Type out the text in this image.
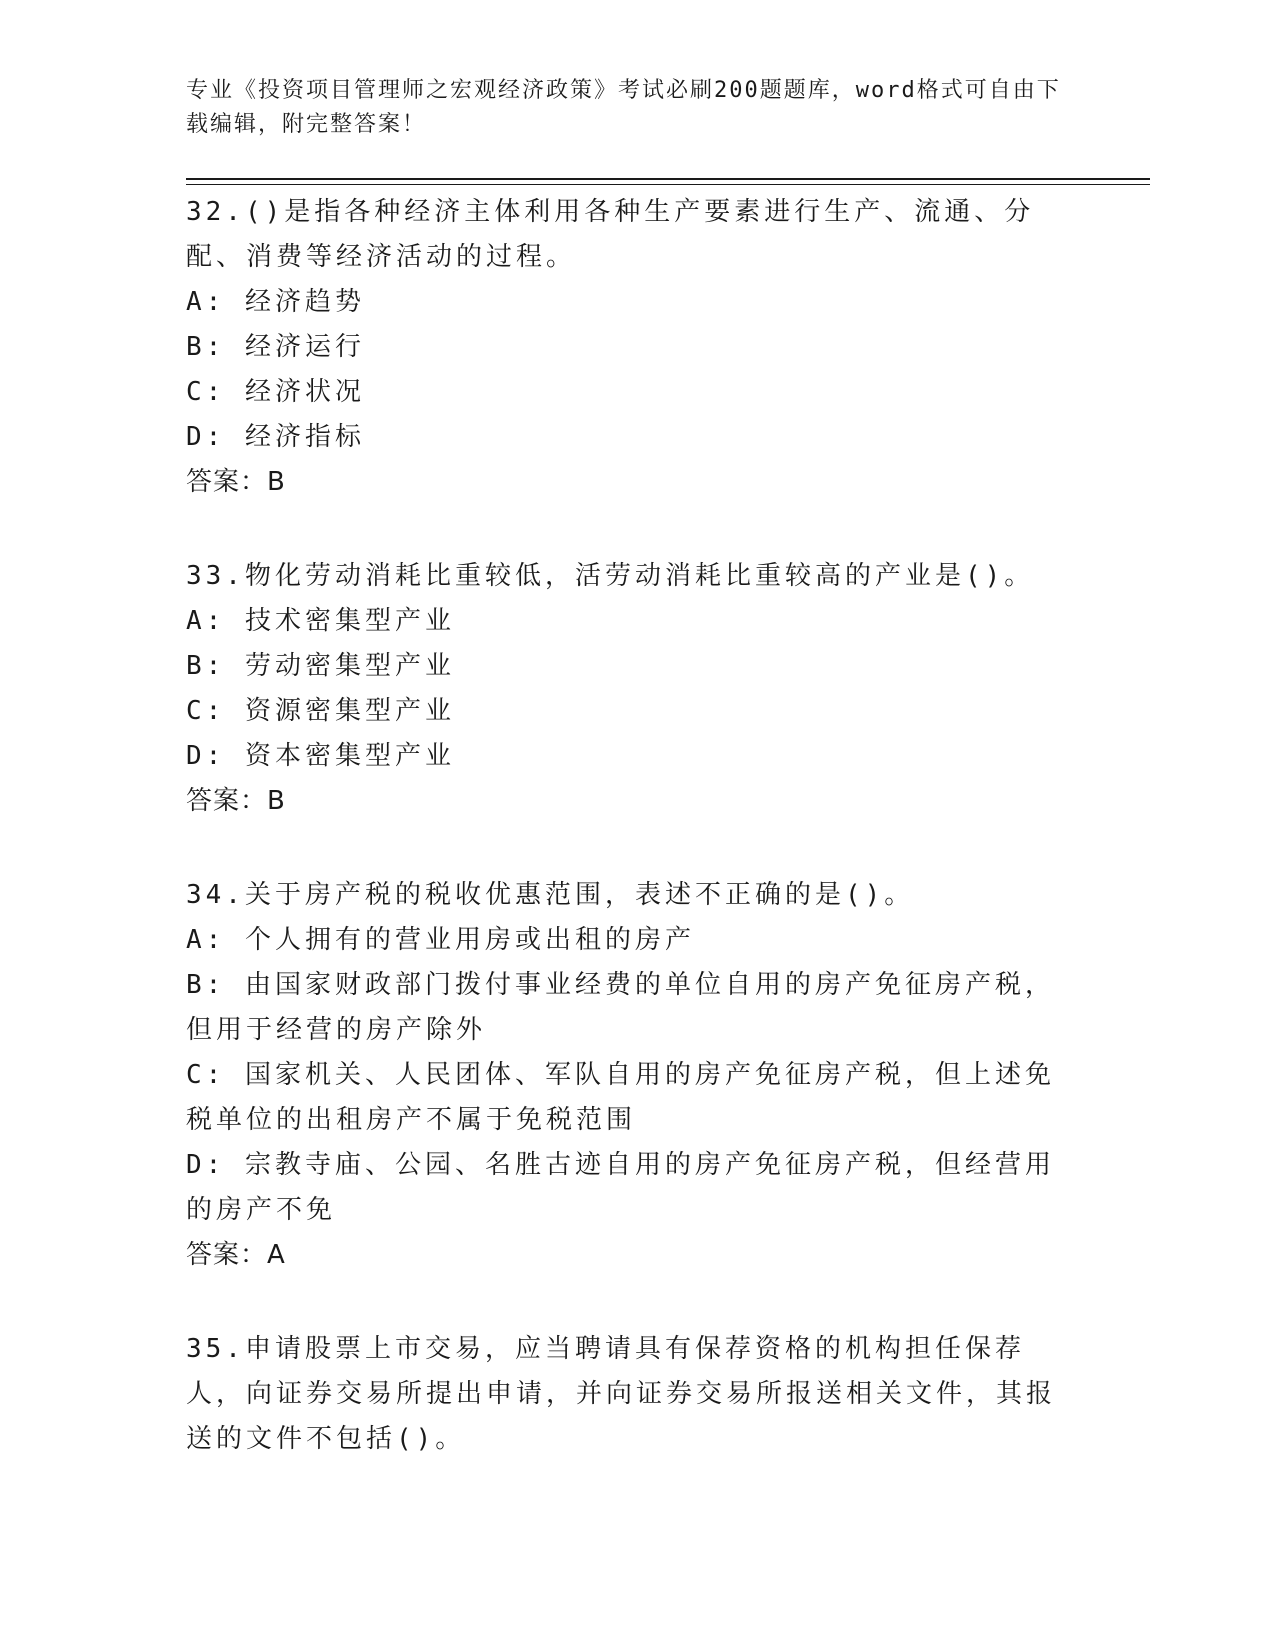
专业《投资项目管理师之宏观经济政策》考试必刷200题题库，word格式可自由下载编辑，附完整答案！
32.()是指各种经济主体利用各种生产要素进行生产、流通、分配、消费等经济活动的过程。
A: 经济趋势
B: 经济运行
C: 经济状况
D: 经济指标
答案：B
33.物化劳动消耗比重较低，活劳动消耗比重较高的产业是()。
A: 技术密集型产业
B: 劳动密集型产业
C: 资源密集型产业
D: 资本密集型产业
答案：B
34.关于房产税的税收优惠范围，表述不正确的是()。
A: 个人拥有的营业用房或出租的房产
B: 由国家财政部门拨付事业经费的单位自用的房产免征房产税，但用于经营的房产除外
C: 国家机关、人民团体、军队自用的房产免征房产税，但上述免税单位的出租房产不属于免税范围
D: 宗教寺庙、公园、名胜古迹自用的房产免征房产税，但经营用的房产不免
答案：A
35.申请股票上市交易，应当聘请具有保荐资格的机构担任保荐人，向证券交易所提出申请，并向证券交易所报送相关文件，其报送的文件不包括()。
